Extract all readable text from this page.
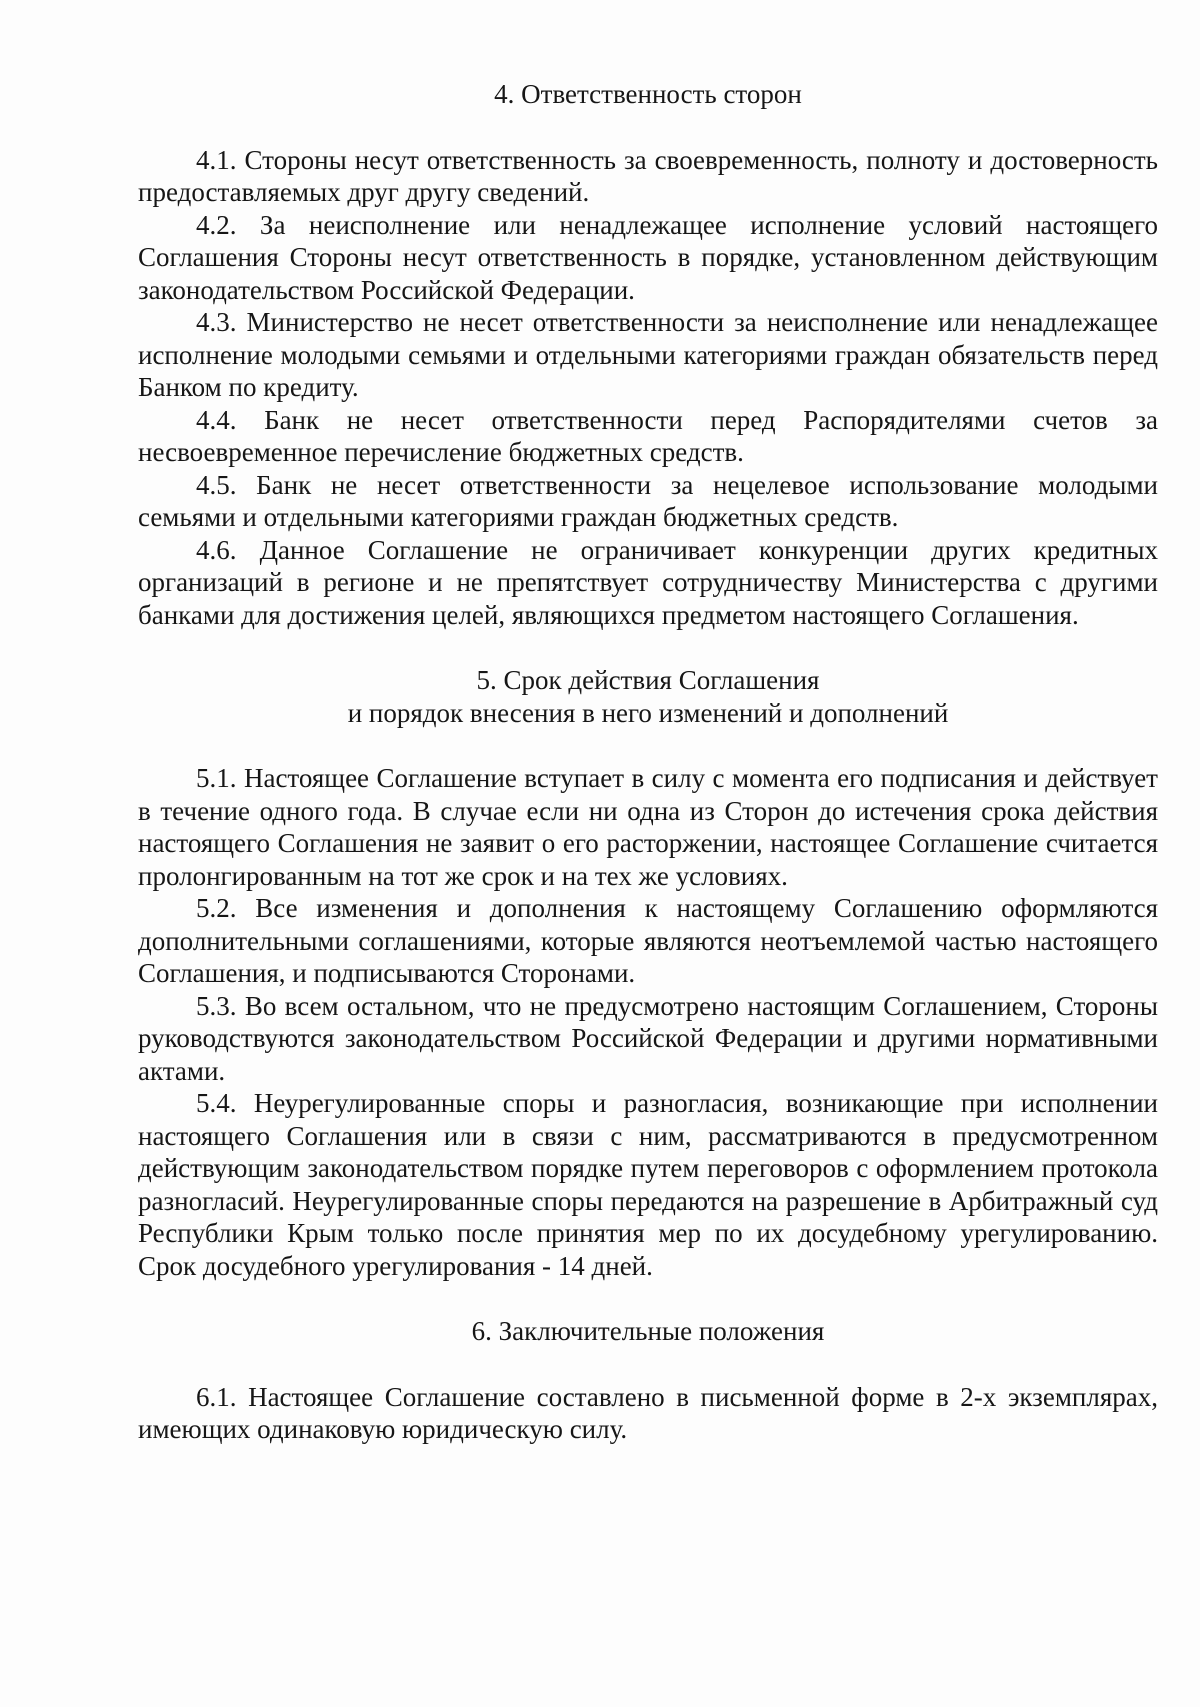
4. Ответственность сторон

4.1. Стороны несут ответственность за своевременность, полноту и достоверность предоставляемых друг другу сведений.

4.2. За неисполнение или ненадлежащее исполнение условий настоящего Соглашения Стороны несут ответственность в порядке, установленном действующим законодательством Российской Федерации.

4.3. Министерство не несет ответственности за неисполнение или ненадлежащее исполнение молодыми семьями и отдельными категориями граждан обязательств перед Банком по кредиту.

4.4. Банк не несет ответственности перед Распорядителями счетов за несвоевременное перечисление бюджетных средств.

4.5. Банк не несет ответственности за нецелевое использование молодыми семьями и отдельными категориями граждан бюджетных средств.

4.6. Данное Соглашение не ограничивает конкуренции других кредитных организаций в регионе и не препятствует сотрудничеству Министерства с другими банками для достижения целей, являющихся предметом настоящего Соглашения.

5. Срок действия Соглашения
и порядок внесения в него изменений и дополнений

5.1. Настоящее Соглашение вступает в силу с момента его подписания и действует в течение одного года. В случае если ни одна из Сторон до истечения срока действия настоящего Соглашения не заявит о его расторжении, настоящее Соглашение считается пролонгированным на тот же срок и на тех же условиях.

5.2. Все изменения и дополнения к настоящему Соглашению оформляются дополнительными соглашениями, которые являются неотъемлемой частью настоящего Соглашения, и подписываются Сторонами.

5.3. Во всем остальном, что не предусмотрено настоящим Соглашением, Стороны руководствуются законодательством Российской Федерации и другими нормативными актами.

5.4. Неурегулированные споры и разногласия, возникающие при исполнении настоящего Соглашения или в связи с ним, рассматриваются в предусмотренном действующим законодательством порядке путем переговоров с оформлением протокола разногласий. Неурегулированные споры передаются на разрешение в Арбитражный суд Республики Крым только после принятия мер по их досудебному урегулированию. Срок досудебного урегулирования - 14 дней.

6. Заключительные положения

6.1. Настоящее Соглашение составлено в письменной форме в 2-х экземплярах, имеющих одинаковую юридическую силу.
